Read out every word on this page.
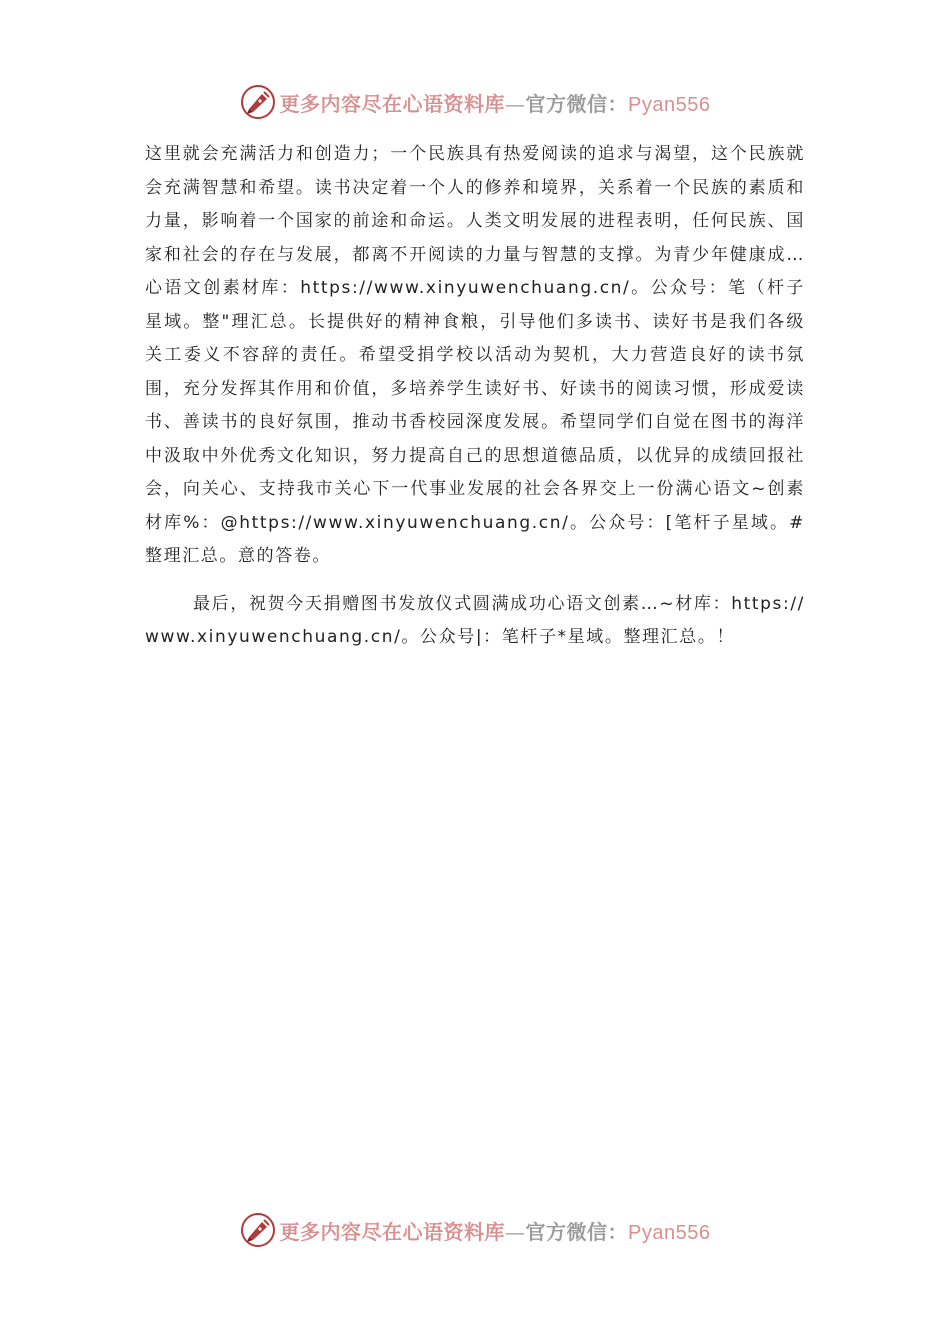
更多内容尽在心语资料库—官方微信：Pyan556

这里就会充满活力和创造力；一个民族具有热爱阅读的追求与渴望，这个民族就会充满智慧和希望。读书决定着一个人的修养和境界，关系着一个民族的素质和力量，影响着一个国家的前途和命运。人类文明发展的进程表明，任何民族、国家和社会的存在与发展，都离不开阅读的力量与智慧的支撑。为青少年健康成…心语文创素材库：https://www.xinyuwenchuang.cn/。公众号：笔（杆子星域。整"理汇总。长提供好的精神食粮，引导他们多读书、读好书是我们各级关工委义不容辞的责任。希望受捐学校以活动为契机，大力营造良好的读书氛围，充分发挥其作用和价值，多培养学生读好书、好读书的阅读习惯，形成爱读书、善读书的良好氛围，推动书香校园深度发展。希望同学们自觉在图书的海洋中汲取中外优秀文化知识，努力提高自己的思想道德品质，以优异的成绩回报社会，向关心、支持我市关心下一代事业发展的社会各界交上一份满心语文~创素材库%：@https://www.xinyuwenchuang.cn/。公众号：[笔杆子星域。#整理汇总。意的答卷。

最后，祝贺今天捐赠图书发放仪式圆满成功心语文创素…~材库：https://www.xinyuwenchuang.cn/。公众号|：笔杆子*星域。整理汇总。！

更多内容尽在心语资料库—官方微信：Pyan556
